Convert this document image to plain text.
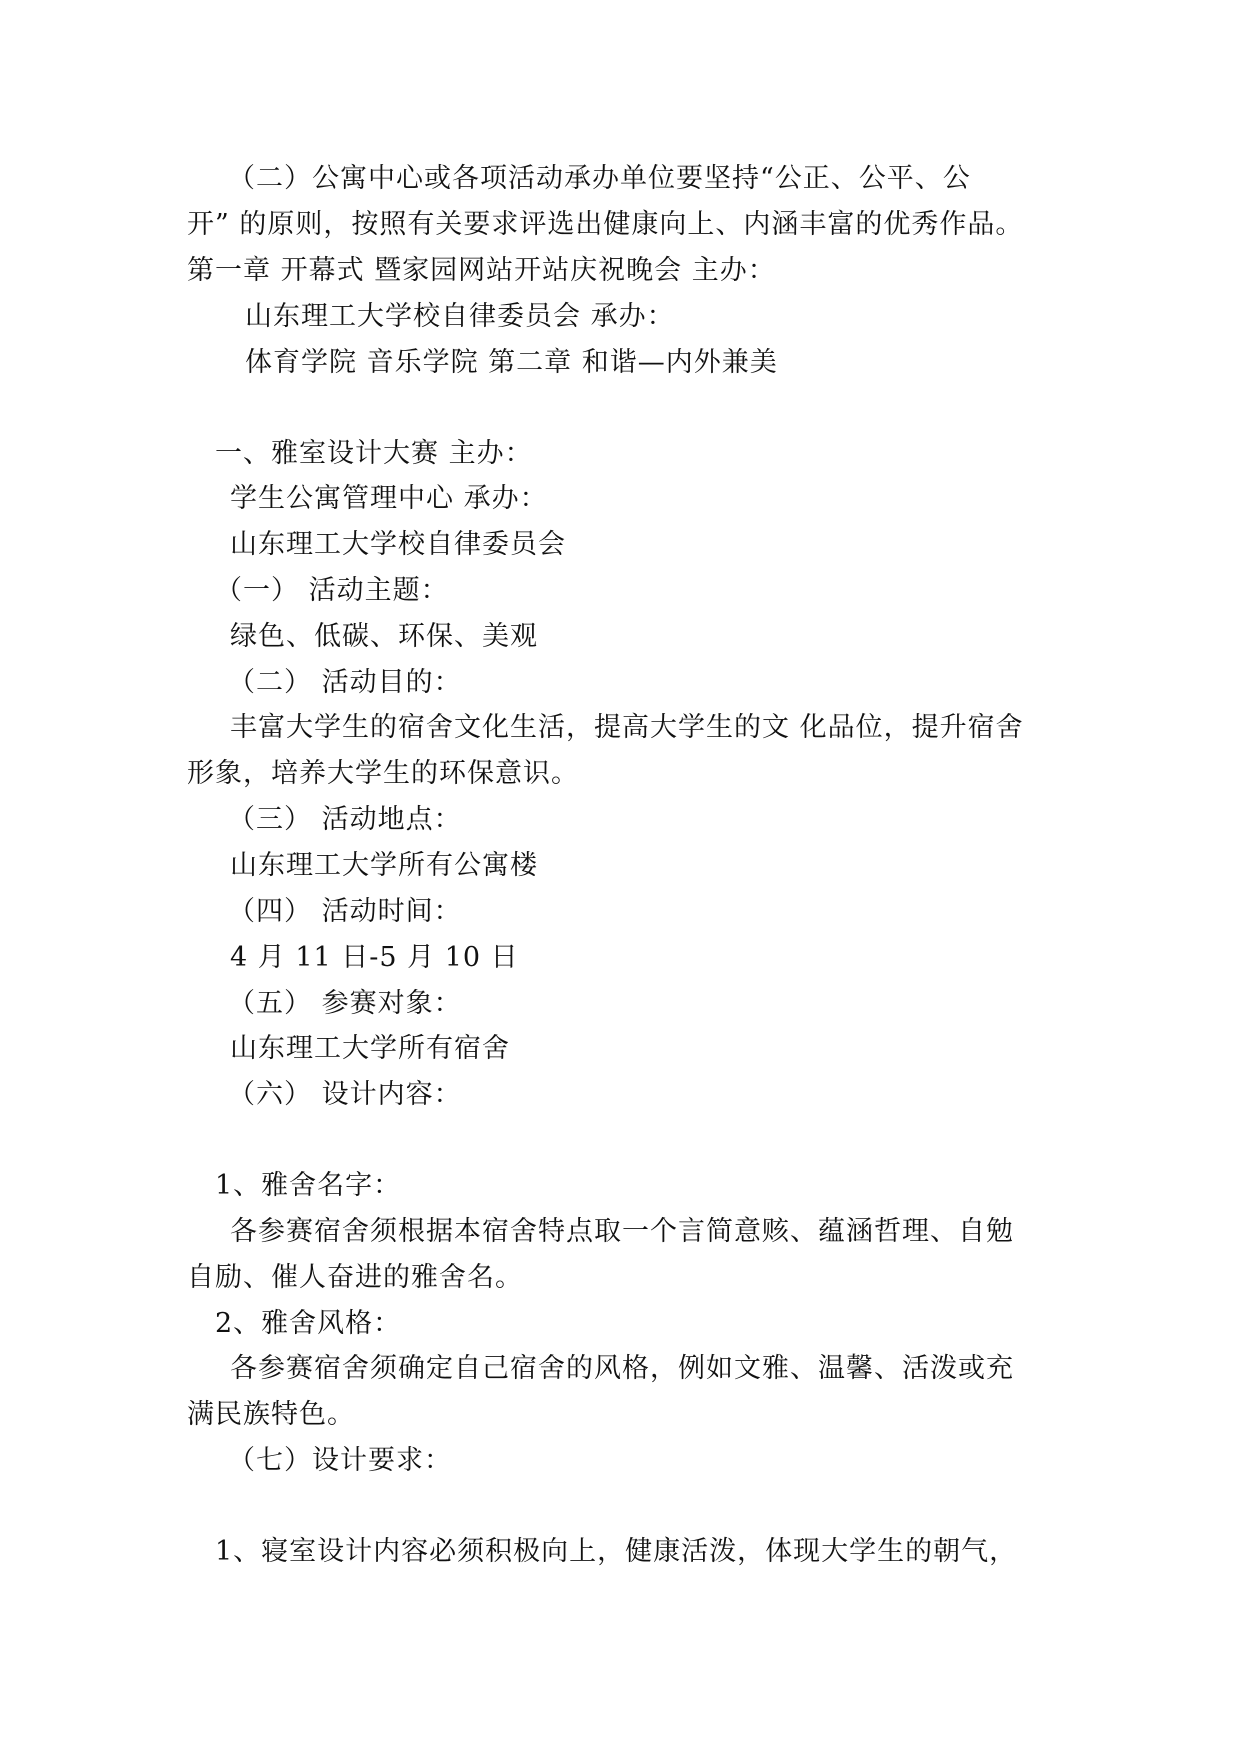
（二）公寓中心或各项活动承办单位要坚持“公正、公平、公
开” 的原则，按照有关要求评选出健康向上、内涵丰富的优秀作品。
第一章 开幕式 暨家园网站开站庆祝晚会 主办：
山东理工大学校自律委员会 承办：
体育学院 音乐学院 第二章 和谐—内外兼美
一、雅室设计大赛 主办：
学生公寓管理中心 承办：
山东理工大学校自律委员会
（一） 活动主题：
绿色、低碳、环保、美观
（二） 活动目的：
丰富大学生的宿舍文化生活，提高大学生的文 化品位，提升宿舍
形象，培养大学生的环保意识。
（三） 活动地点：
山东理工大学所有公寓楼
（四） 活动时间：
4 月 11 日-5 月 10 日
（五） 参赛对象：
山东理工大学所有宿舍
（六） 设计内容：
1、雅舍名字：
各参赛宿舍须根据本宿舍特点取一个言简意赅、蕴涵哲理、自勉
自励、催人奋进的雅舍名。
2、雅舍风格：
各参赛宿舍须确定自己宿舍的风格，例如文雅、温馨、活泼或充
满民族特色。
（七）设计要求：
1、寝室设计内容必须积极向上，健康活泼，体现大学生的朝气，
